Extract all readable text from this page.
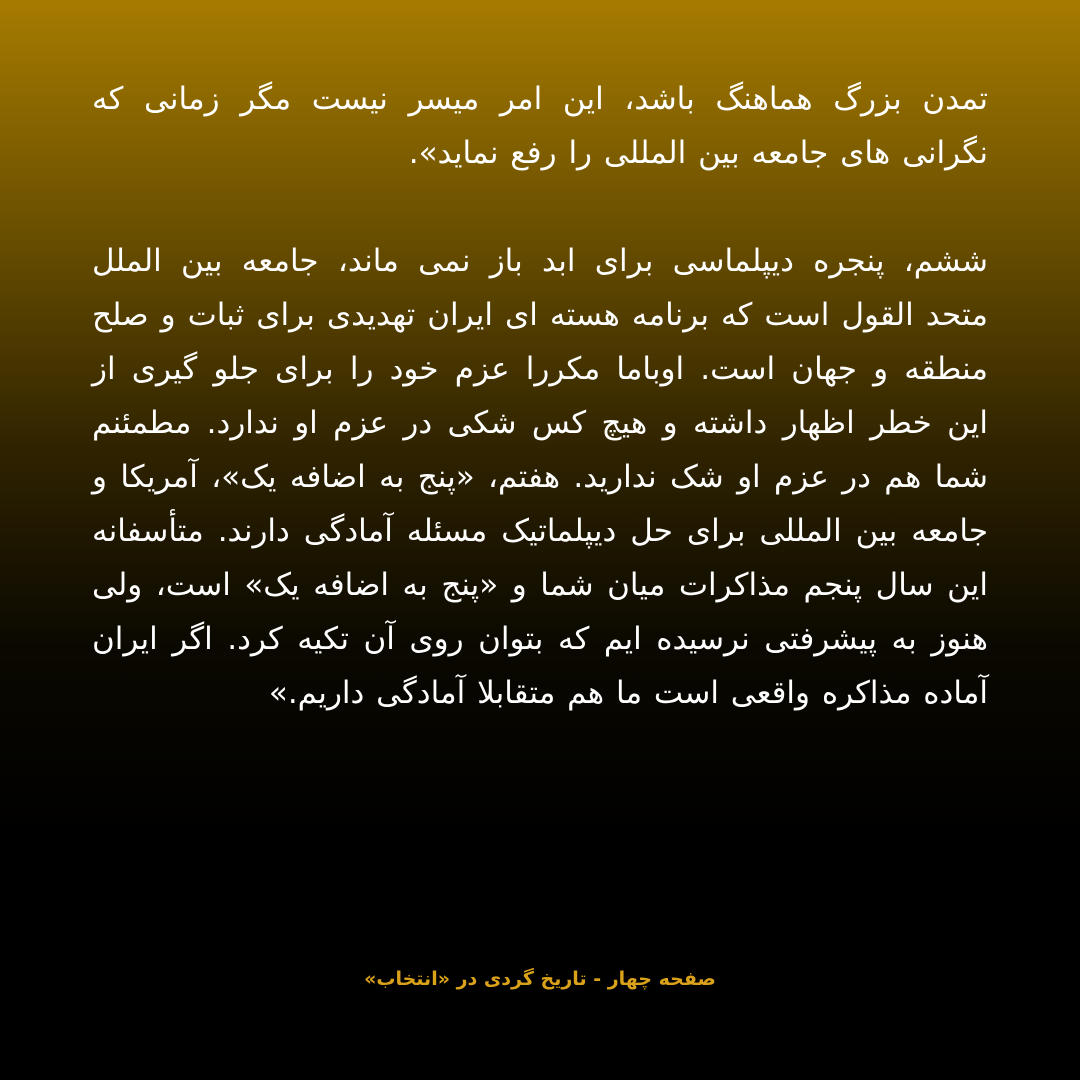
تمدن بزرگ هماهنگ باشد، این امر میسر نیست مگر زمانی که نگرانی های جامعه بین المللی را رفع نماید».

ششم، پنجره دیپلماسی برای ابد باز نمی ماند، جامعه بین الملل متحد القول است که برنامه هسته ای ایران تهدیدی برای ثبات و صلح منطقه و جهان است. اوباما مکررا عزم خود را برای جلو گیری از این خطر اظهار داشته و هیچ کس شکی در عزم او ندارد. مطمئنم شما هم در عزم او شک ندارید. هفتم، «پنج به اضافه یک»، آمریکا و جامعه بین المللی برای حل دیپلماتیک مسئله آمادگی دارند. متأسفانه این سال پنجم مذاکرات میان شما و «پنج به اضافه یک» است، ولی هنوز به پیشرفتی نرسیده ایم که بتوان روی آن تکیه کرد. اگر ایران آماده مذاکره واقعی است ما هم متقابلا آمادگی داریم.»

صفحه چهار - تاریخ گردی در «انتخاب»
